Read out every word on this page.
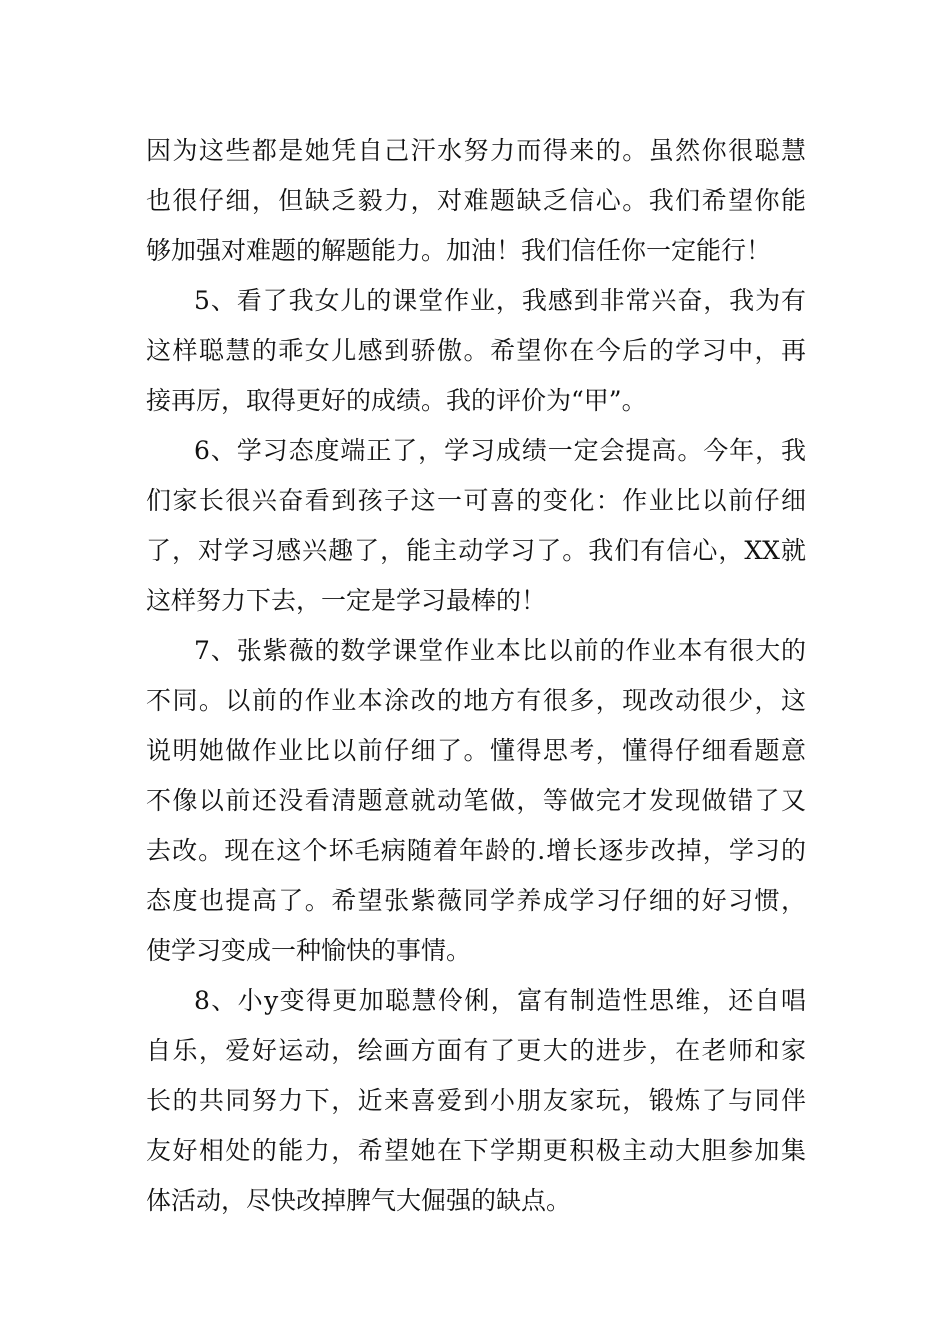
因为这些都是她凭自己汗水努力而得来的。虽然你很聪慧
也很仔细，但缺乏毅力，对难题缺乏信心。我们希望你能
够加强对难题的解题能力。加油！我们信任你一定能行！
5、看了我女儿的课堂作业，我感到非常兴奋，我为有
这样聪慧的乖女儿感到骄傲。希望你在今后的学习中，再
接再厉，取得更好的成绩。我的评价为“甲”。
6、学习态度端正了，学习成绩一定会提高。今年，我
们家长很兴奋看到孩子这一可喜的变化：作业比以前仔细
了，对学习感兴趣了，能主动学习了。我们有信心，XX就
这样努力下去，一定是学习最棒的！
7、张紫薇的数学课堂作业本比以前的作业本有很大的
不同。以前的作业本涂改的地方有很多，现改动很少，这
说明她做作业比以前仔细了。懂得思考，懂得仔细看题意
不像以前还没看清题意就动笔做，等做完才发现做错了又
去改。现在这个坏毛病随着年龄的.增长逐步改掉，学习的
态度也提高了。希望张紫薇同学养成学习仔细的好习惯，
使学习变成一种愉快的事情。
8、小y变得更加聪慧伶俐，富有制造性思维，还自唱
自乐，爱好运动，绘画方面有了更大的进步，在老师和家
长的共同努力下，近来喜爱到小朋友家玩，锻炼了与同伴
友好相处的能力，希望她在下学期更积极主动大胆参加集
体活动，尽快改掉脾气大倔强的缺点。
